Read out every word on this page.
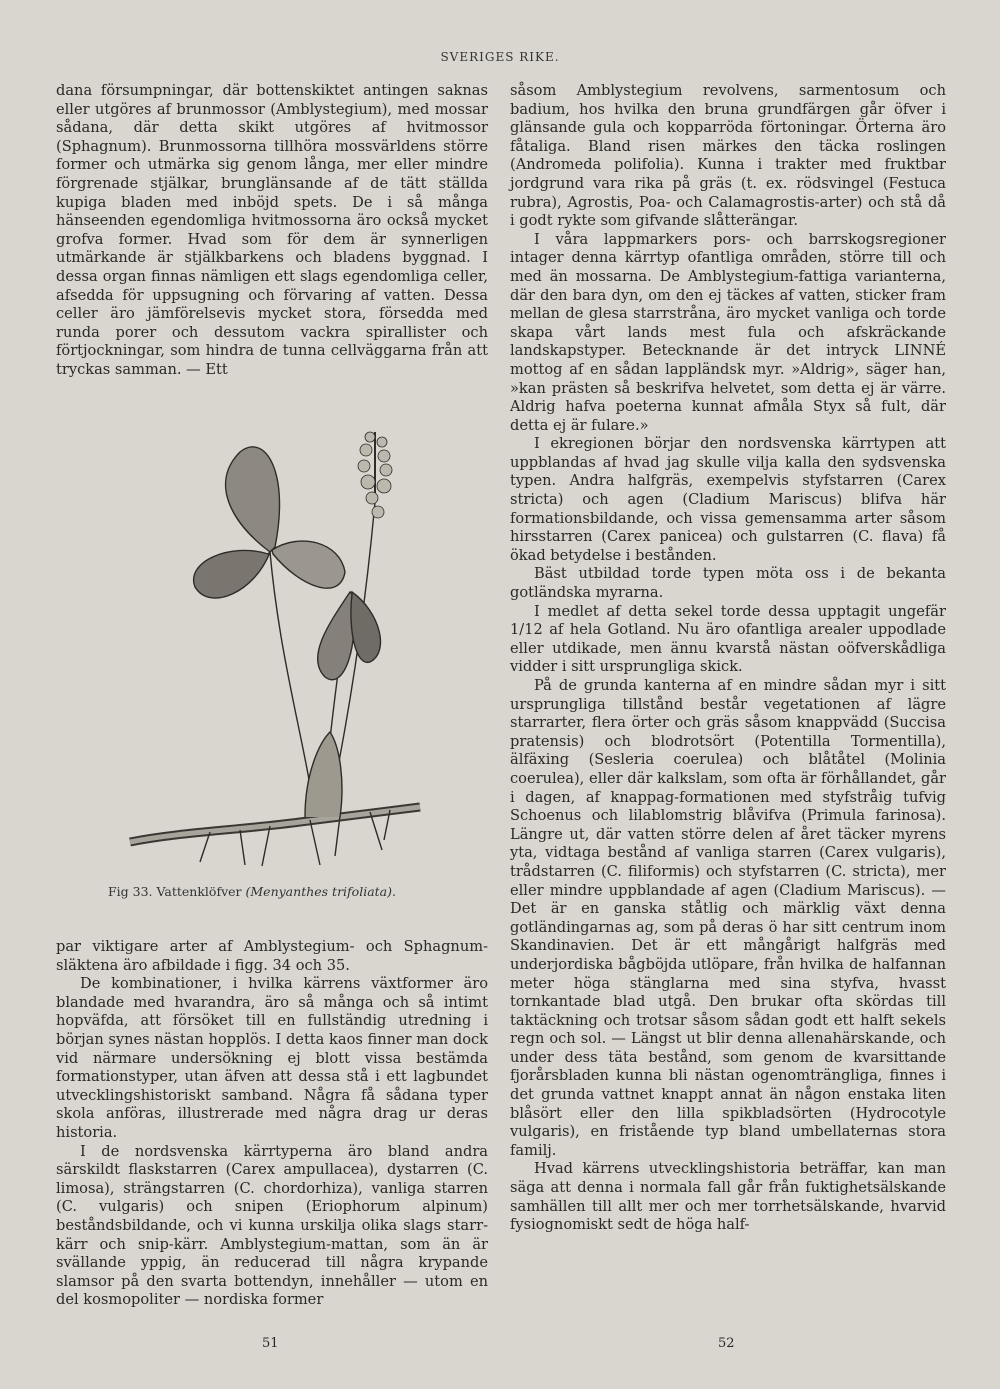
SVERIGES RIKE.

dana försumpningar, där bottenskiktet antingen saknas eller utgöres af brunmossor (Amblystegium), med mossar sådana, där detta skikt utgöres af hvitmossor (Sphagnum). Brunmossorna tillhöra mossvärldens större former och utmärka sig genom långa, mer eller mindre förgrenade stjälkar, brunglänsande af de tätt ställda kupiga bladen med inböjd spets. De i så många hänseenden egendomliga hvitmossorna äro också mycket grofva former. Hvad som för dem är synnerligen utmärkande är stjälkbarkens och bladens byggnad. I dessa organ finnas nämligen ett slags egendomliga celler, afsedda för uppsugning och förvaring af vatten. Dessa celler äro jämförelsevis mycket stora, försedda med runda porer och dessutom vackra spirallister och förtjockningar, som hindra de tunna cellväggarna från att tryckas samman. — Ett

Fig 33. Vattenklöfver (Menyanthes trifoliata).

par viktigare arter af Amblystegium- och Sphagnum-släktena äro afbildade i figg. 34 och 35.

De kombinationer, i hvilka kärrens växtformer äro blandade med hvarandra, äro så många och så intimt hopväfda, att försöket till en fullständig utredning i början synes nästan hopplös. I detta kaos finner man dock vid närmare undersökning ej blott vissa bestämda formationstyper, utan äfven att dessa stå i ett lagbundet utvecklingshistoriskt samband. Några få sådana typer skola anföras, illustrerade med några drag ur deras historia.

I de nordsvenska kärrtyperna äro bland andra särskildt flaskstarren (Carex ampullacea), dystarren (C. limosa), strängstarren (C. chordorhiza), vanliga starren (C. vulgaris) och snipen (Eriophorum alpinum) beståndsbildande, och vi kunna urskilja olika slags starr-kärr och snip-kärr. Amblystegium-mattan, som än är svällande yppig, än reducerad till några krypande slamsor på den svarta bottendyn, innehåller — utom en del kosmopoliter — nordiska former

såsom Amblystegium revolvens, sarmentosum och badium, hos hvilka den bruna grundfärgen går öfver i glänsande gula och kopparröda förtoningar. Örterna äro fåtaliga. Bland risen märkes den täcka roslingen (Andromeda polifolia). Kunna i trakter med fruktbar jordgrund vara rika på gräs (t. ex. rödsvingel (Festuca rubra), Agrostis, Poa- och Calamagrostis-arter) och stå då i godt rykte som gifvande slåtterängar.

I våra lappmarkers pors- och barrskogsregioner intager denna kärrtyp ofantliga områden, större till och med än mossarna. De Amblystegium-fattiga varianterna, där den bara dyn, om den ej täckes af vatten, sticker fram mellan de glesa starrstråna, äro mycket vanliga och torde skapa vårt lands mest fula och afskräckande landskapstyper. Betecknande är det intryck LINNÉ mottog af en sådan lappländsk myr. »Aldrig», säger han, »kan prästen så beskrifva helvetet, som detta ej är värre. Aldrig hafva poeterna kunnat afmåla Styx så fult, där detta ej är fulare.»

I ekregionen börjar den nordsvenska kärrtypen att uppblandas af hvad jag skulle vilja kalla den sydsvenska typen. Andra halfgräs, exempelvis styfstarren (Carex stricta) och agen (Cladium Mariscus) blifva här formationsbildande, och vissa gemensamma arter såsom hirsstarren (Carex panicea) och gulstarren (C. flava) få ökad betydelse i bestånden.

Bäst utbildad torde typen möta oss i de bekanta gotländska myrarna.

I medlet af detta sekel torde dessa upptagit ungefär 1/12 af hela Gotland. Nu äro ofantliga arealer uppodlade eller utdikade, men ännu kvarstå nästan oöfverskådliga vidder i sitt ursprungliga skick.

På de grunda kanterna af en mindre sådan myr i sitt ursprungliga tillstånd består vegetationen af lägre starrarter, flera örter och gräs såsom knappvädd (Succisa pratensis) och blodrotsört (Potentilla Tormentilla), älfäxing (Sesleria coerulea) och blåtåtel (Molinia coerulea), eller där kalkslam, som ofta är förhållandet, går i dagen, af knappag-formationen med styfstråig tufvig Schoenus och lilablomstrig blåvifva (Primula farinosa). Längre ut, där vatten större delen af året täcker myrens yta, vidtaga bestånd af vanliga starren (Carex vulgaris), trådstarren (C. filiformis) och styfstarren (C. stricta), mer eller mindre uppblandade af agen (Cladium Mariscus). — Det är en ganska ståtlig och märklig växt denna gotländingarnas ag, som på deras ö har sitt centrum inom Skandinavien. Det är ett mångårigt halfgräs med underjordiska bågböjda utlöpare, från hvilka de halfannan meter höga stänglarna med sina styfva, hvasst tornkantade blad utgå. Den brukar ofta skördas till taktäckning och trotsar såsom sådan godt ett halft sekels regn och sol. — Längst ut blir denna allenahärskande, och under dess täta bestånd, som genom de kvarsittande fjorårsbladen kunna bli nästan ogenomträngliga, finnes i det grunda vattnet knappt annat än någon enstaka liten blåsört eller den lilla spikbladsörten (Hydrocotyle vulgaris), en fristående typ bland umbellaternas stora familj.

Hvad kärrens utvecklingshistoria beträffar, kan man säga att denna i normala fall går från fuktighetsälskande samhällen till allt mer och mer torrhetsälskande, hvarvid fysiognomiskt sedt de höga half-

51	52
